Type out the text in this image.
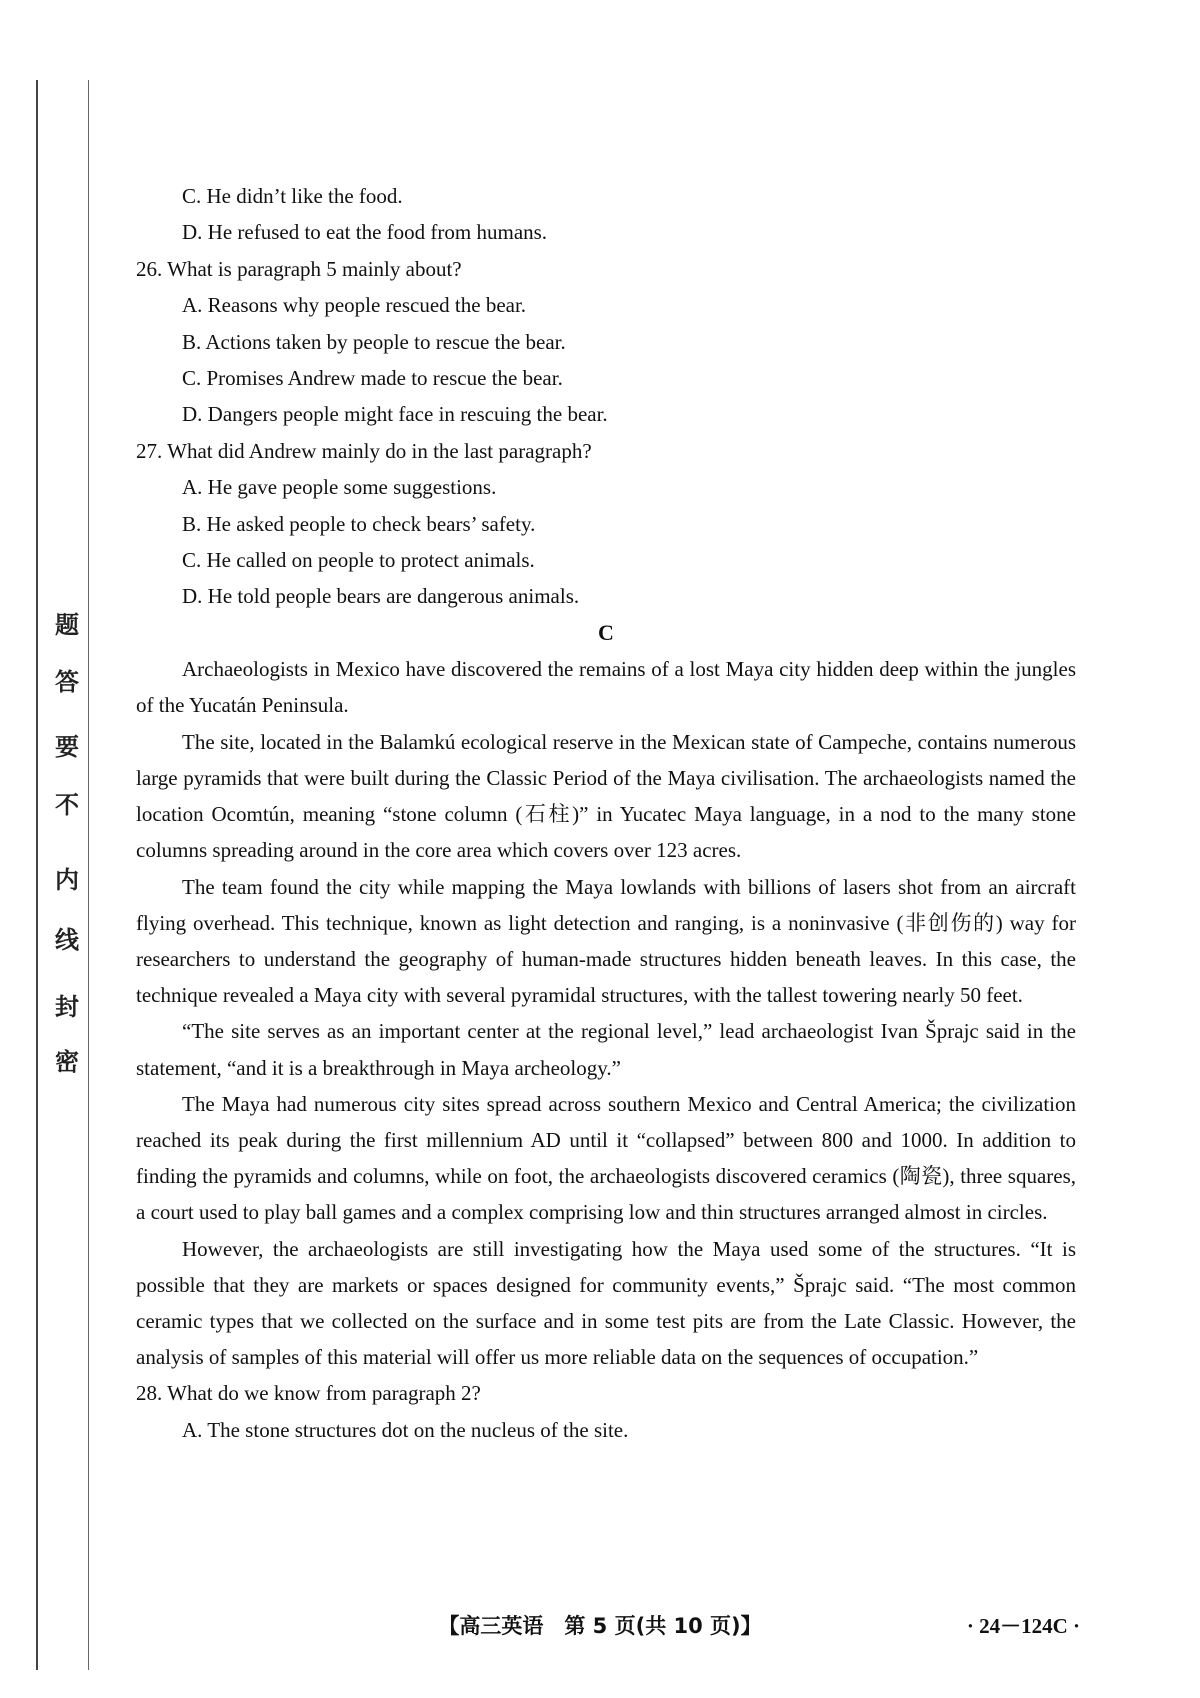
题
答
要
不
内
线
封
密
C. He didn’t like the food.
D. He refused to eat the food from humans.
26. What is paragraph 5 mainly about?
A. Reasons why people rescued the bear.
B. Actions taken by people to rescue the bear.
C. Promises Andrew made to rescue the bear.
D. Dangers people might face in rescuing the bear.
27. What did Andrew mainly do in the last paragraph?
A. He gave people some suggestions.
B. He asked people to check bears’ safety.
C. He called on people to protect animals.
D. He told people bears are dangerous animals.
C

Archaeologists in Mexico have discovered the remains of a lost Maya city hidden deep within the jungles of the Yucatán Peninsula.

The site, located in the Balamkú ecological reserve in the Mexican state of Campeche, contains numerous large pyramids that were built during the Classic Period of the Maya civilisation. The archaeologists named the location Ocomtún, meaning “stone column (石柱)” in Yucatec Maya language, in a nod to the many stone columns spreading around in the core area which covers over 123 acres.

The team found the city while mapping the Maya lowlands with billions of lasers shot from an aircraft flying overhead. This technique, known as light detection and ranging, is a noninvasive (非创伤的) way for researchers to understand the geography of human-made structures hidden beneath leaves. In this case, the technique revealed a Maya city with several pyramidal structures, with the tallest towering nearly 50 feet.

“The site serves as an important center at the regional level,” lead archaeologist Ivan Šprajc said in the statement, “and it is a breakthrough in Maya archeology.”

The Maya had numerous city sites spread across southern Mexico and Central America; the civilization reached its peak during the first millennium AD until it “collapsed” between 800 and 1000. In addition to finding the pyramids and columns, while on foot, the archaeologists discovered ceramics (陶瓷), three squares, a court used to play ball games and a complex comprising low and thin structures arranged almost in circles.

However, the archaeologists are still investigating how the Maya used some of the structures. “It is possible that they are markets or spaces designed for community events,” Šprajc said. “The most common ceramic types that we collected on the surface and in some test pits are from the Late Classic. However, the analysis of samples of this material will offer us more reliable data on the sequences of occupation.”

28. What do we know from paragraph 2?
A. The stone structures dot on the nucleus of the site.
【高三英语　第 5 页(共 10 页)】	· 24－124C ·
